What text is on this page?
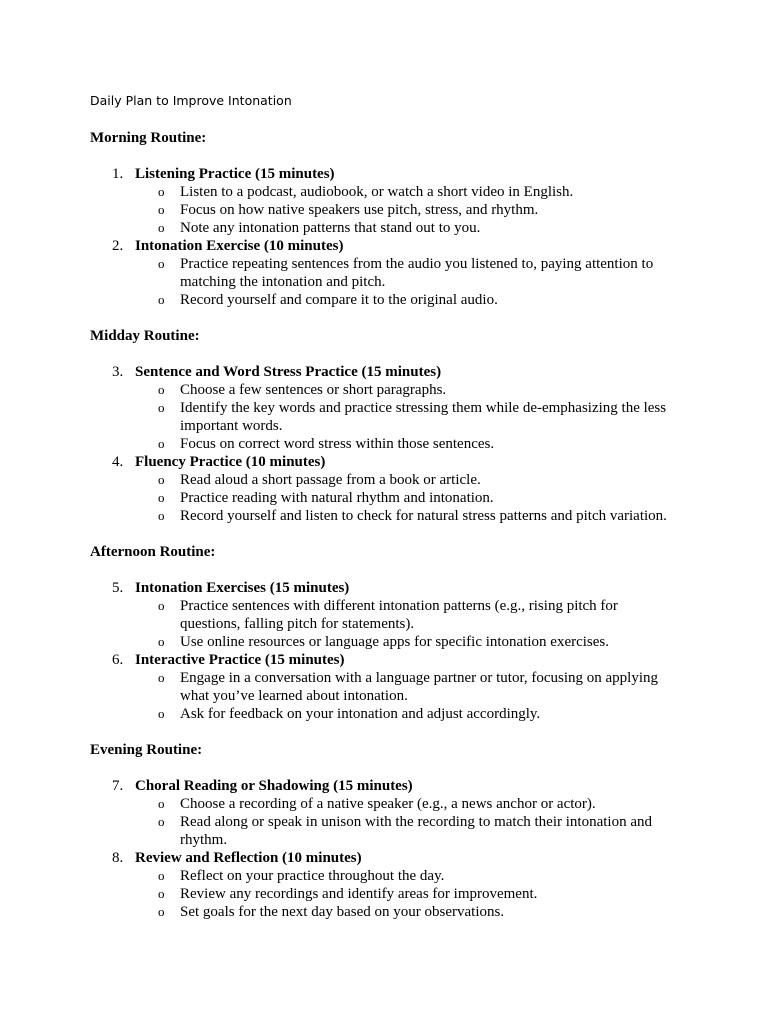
Daily Plan to Improve Intonation

Morning Routine:

1. Listening Practice (15 minutes)
o Listen to a podcast, audiobook, or watch a short video in English.
o Focus on how native speakers use pitch, stress, and rhythm.
o Note any intonation patterns that stand out to you.
2. Intonation Exercise (10 minutes)
o Practice repeating sentences from the audio you listened to, paying attention to matching the intonation and pitch.
o Record yourself and compare it to the original audio.

Midday Routine:

3. Sentence and Word Stress Practice (15 minutes)
o Choose a few sentences or short paragraphs.
o Identify the key words and practice stressing them while de-emphasizing the less important words.
o Focus on correct word stress within those sentences.
4. Fluency Practice (10 minutes)
o Read aloud a short passage from a book or article.
o Practice reading with natural rhythm and intonation.
o Record yourself and listen to check for natural stress patterns and pitch variation.

Afternoon Routine:

5. Intonation Exercises (15 minutes)
o Practice sentences with different intonation patterns (e.g., rising pitch for questions, falling pitch for statements).
o Use online resources or language apps for specific intonation exercises.
6. Interactive Practice (15 minutes)
o Engage in a conversation with a language partner or tutor, focusing on applying what you’ve learned about intonation.
o Ask for feedback on your intonation and adjust accordingly.

Evening Routine:

7. Choral Reading or Shadowing (15 minutes)
o Choose a recording of a native speaker (e.g., a news anchor or actor).
o Read along or speak in unison with the recording to match their intonation and rhythm.
8. Review and Reflection (10 minutes)
o Reflect on your practice throughout the day.
o Review any recordings and identify areas for improvement.
o Set goals for the next day based on your observations.
